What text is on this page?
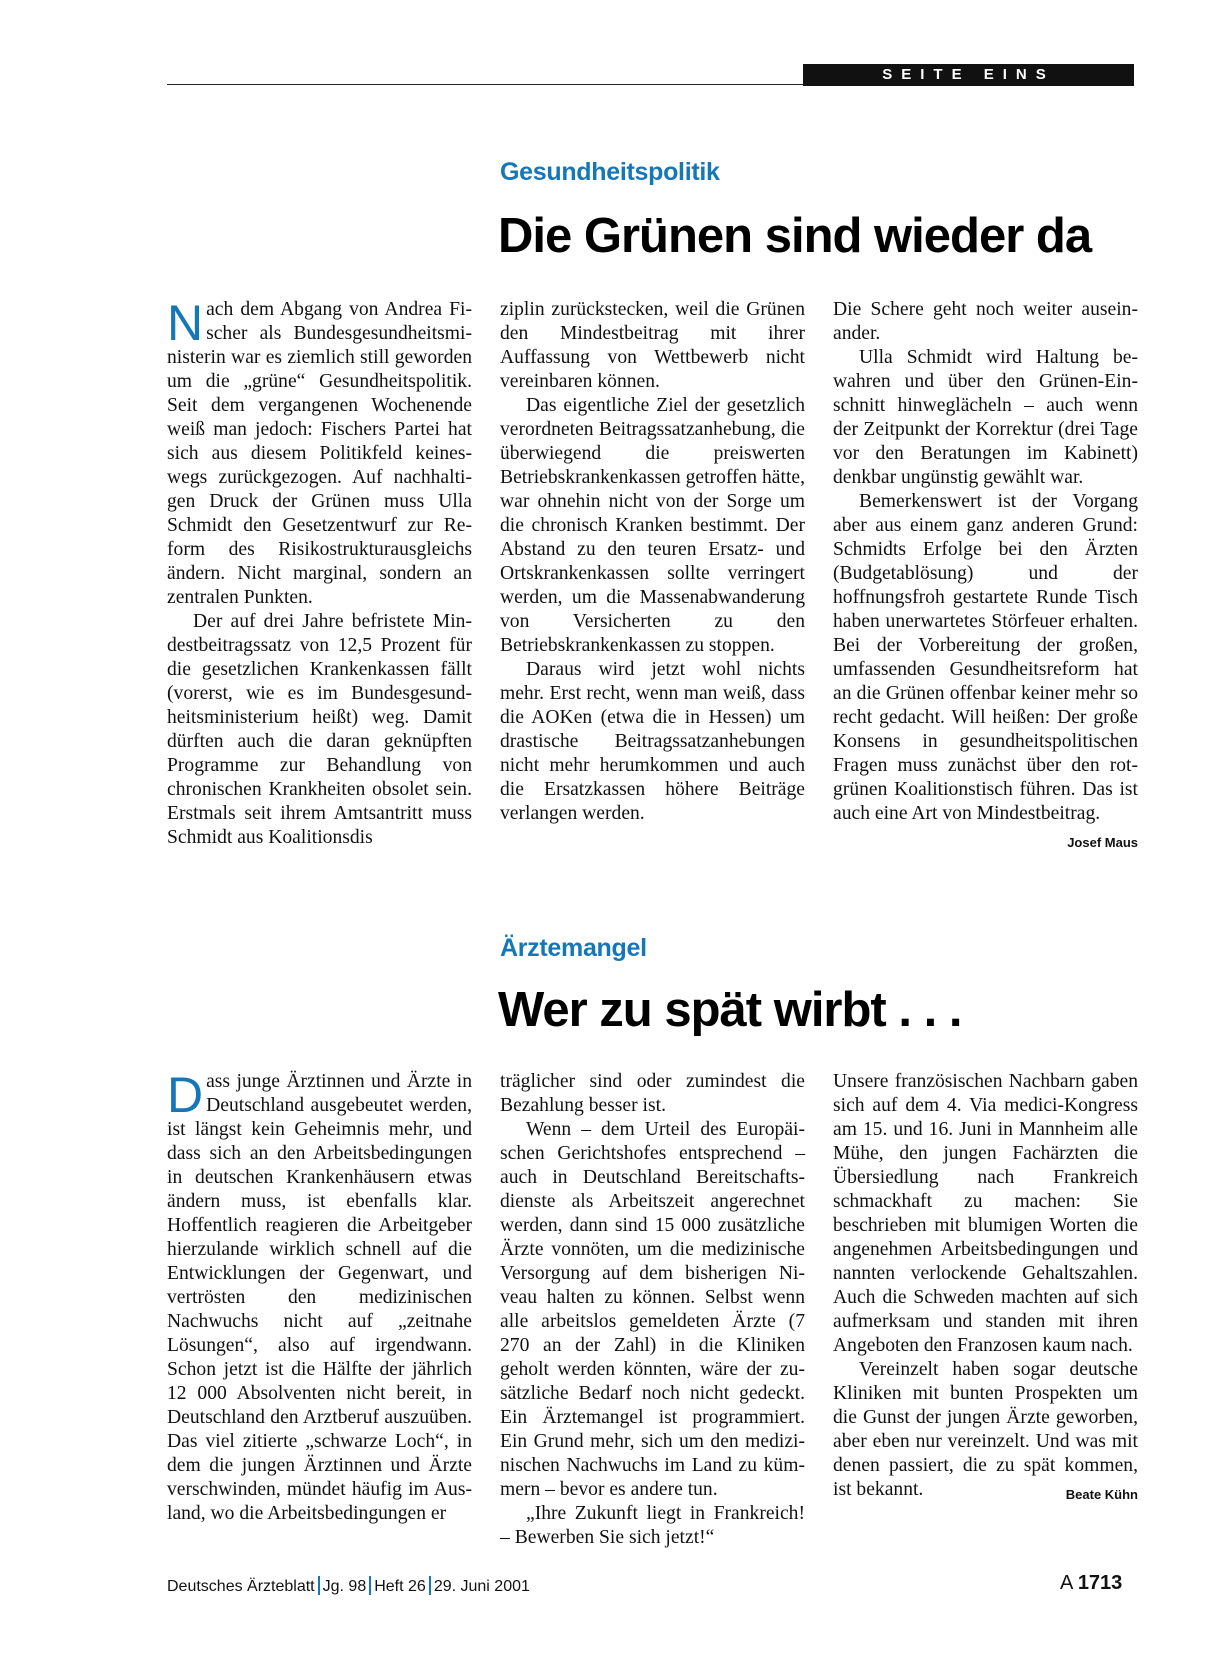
SEITE EINS
Gesundheitspolitik
Die Grünen sind wieder da

Nach dem Abgang von Andrea Fischer als Bundesgesundheitsministerin war es ziemlich still geworden um die „grüne“ Gesundheitspolitik. Seit dem vergangenen Wochenende weiß man jedoch: Fischers Partei hat sich aus diesem Politikfeld keineswegs zurückgezogen. Auf nachhaltigen Druck der Grünen muss Ulla Schmidt den Gesetzentwurf zur Reform des Risikostrukturausgleichs ändern. Nicht marginal, sondern an zentralen Punkten.

Der auf drei Jahre befristete Mindestbeitragssatz von 12,5 Prozent für die gesetzlichen Krankenkassen fällt (vorerst, wie es im Bundesgesundheitsministerium heißt) weg. Damit dürften auch die daran geknüpften Programme zur Behandlung von chronischen Krankheiten obsolet sein. Erstmals seit ihrem Amtsantritt muss Schmidt aus Koalitionsdis

ziplin zurückstecken, weil die Grünen den Mindestbeitrag mit ihrer Auffassung von Wettbewerb nicht vereinbaren können.

Das eigentliche Ziel der gesetzlich verordneten Beitragssatzanhebung, die überwiegend die preiswerten Betriebskrankenkassen getroffen hätte, war ohnehin nicht von der Sorge um die chronisch Kranken bestimmt. Der Abstand zu den teuren Ersatz- und Ortskrankenkassen sollte verringert werden, um die Massenabwanderung von Versicherten zu den Betriebskrankenkassen zu stoppen.

Daraus wird jetzt wohl nichts mehr. Erst recht, wenn man weiß, dass die AOKen (etwa die in Hessen) um drastische Beitragssatzanhebungen nicht mehr herumkommen und auch die Ersatzkassen höhere Beiträge verlangen werden.

Die Schere geht noch weiter auseinander.

Ulla Schmidt wird Haltung bewahren und über den Grünen-Einschnitt hinweglächeln – auch wenn der Zeitpunkt der Korrektur (drei Tage vor den Beratungen im Kabinett) denkbar ungünstig gewählt war.

Bemerkenswert ist der Vorgang aber aus einem ganz anderen Grund: Schmidts Erfolge bei den Ärzten (Budgetablösung) und der hoffnungsfroh gestartete Runde Tisch haben unerwartetes Störfeuer erhalten. Bei der Vorbereitung der großen, umfassenden Gesundheitsreform hat an die Grünen offenbar keiner mehr so recht gedacht. Will heißen: Der große Konsens in gesundheitspolitischen Fragen muss zunächst über den rot-grünen Koalitionstisch führen. Das ist auch eine Art von Mindestbeitrag.
Josef Maus

Ärztemangel
Wer zu spät wirbt . . .

Dass junge Ärztinnen und Ärzte in Deutschland ausgebeutet werden, ist längst kein Geheimnis mehr, und dass sich an den Arbeitsbedingungen in deutschen Krankenhäusern etwas ändern muss, ist ebenfalls klar. Hoffentlich reagieren die Arbeitgeber hierzulande wirklich schnell auf die Entwicklungen der Gegenwart, und vertrösten den medizinischen Nachwuchs nicht auf „zeitnahe Lösungen“, also auf irgendwann. Schon jetzt ist die Hälfte der jährlich 12 000 Absolventen nicht bereit, in Deutschland den Arztberuf auszuüben. Das viel zitierte „schwarze Loch“, in dem die jungen Ärztinnen und Ärzte verschwinden, mündet häufig im Ausland, wo die Arbeitsbedingungen er

träglicher sind oder zumindest die Bezahlung besser ist.

Wenn – dem Urteil des Europäischen Gerichtshofes entsprechend – auch in Deutschland Bereitschaftsdienste als Arbeitszeit angerechnet werden, dann sind 15 000 zusätzliche Ärzte vonnöten, um die medizinische Versorgung auf dem bisherigen Niveau halten zu können. Selbst wenn alle arbeitslos gemeldeten Ärzte (7 270 an der Zahl) in die Kliniken geholt werden könnten, wäre der zusätzliche Bedarf noch nicht gedeckt. Ein Ärztemangel ist programmiert. Ein Grund mehr, sich um den medizinischen Nachwuchs im Land zu kümmern – bevor es andere tun.

„Ihre Zukunft liegt in Frankreich! – Bewerben Sie sich jetzt!“

Unsere französischen Nachbarn gaben sich auf dem 4. Via medici-Kongress am 15. und 16. Juni in Mannheim alle Mühe, den jungen Fachärzten die Übersiedlung nach Frankreich schmackhaft zu machen: Sie beschrieben mit blumigen Worten die angenehmen Arbeitsbedingungen und nannten verlockende Gehaltszahlen. Auch die Schweden machten auf sich aufmerksam und standen mit ihren Angeboten den Franzosen kaum nach.

Vereinzelt haben sogar deutsche Kliniken mit bunten Prospekten um die Gunst der jungen Ärzte geworben, aber eben nur vereinzelt. Und was mit denen passiert, die zu spät kommen, ist bekannt.	Beate Kühn

Deutsches Ärzteblatt Jg. 98 Heft 26 29. Juni 2001	A 1713
